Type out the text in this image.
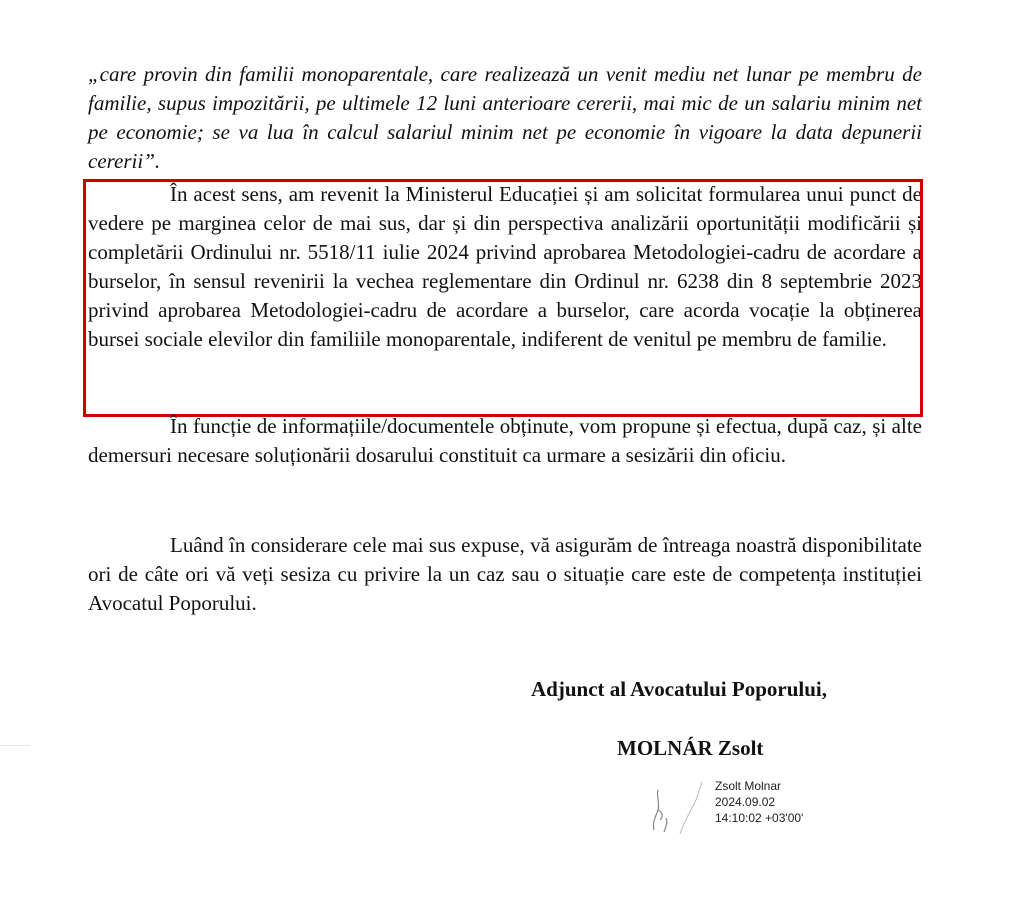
„care provin din familii monoparentale, care realizează un venit mediu net lunar pe membru de familie, supus impozitării, pe ultimele 12 luni anterioare cererii, mai mic de un salariu minim net pe economie; se va lua în calcul salariul minim net pe economie în vigoare la data depunerii cererii”.

În acest sens, am revenit la Ministerul Educației și am solicitat formularea unui punct de vedere pe marginea celor de mai sus, dar și din perspectiva analizării oportunității modificării și completării Ordinului nr. 5518/11 iulie 2024 privind aprobarea Metodologiei-cadru de acordare a burselor, în sensul revenirii la vechea reglementare din Ordinul nr. 6238 din 8 septembrie 2023 privind aprobarea Metodologiei-cadru de acordare a burselor, care acorda vocație la obținerea bursei sociale elevilor din familiile monoparentale, indiferent de venitul pe membru de familie.

În funcție de informațiile/documentele obținute, vom propune și efectua, după caz, și alte demersuri necesare soluționării dosarului constituit ca urmare a sesizării din oficiu.

Luând în considerare cele mai sus expuse, vă asigurăm de întreaga noastră disponibilitate ori de câte ori vă veți sesiza cu privire la un caz sau o situație care este de competența instituției Avocatul Poporului.

Adjunct al Avocatului Poporului,
MOLNÁR Zsolt
Zsolt Molnar
2024.09.02
14:10:02 +03'00'
